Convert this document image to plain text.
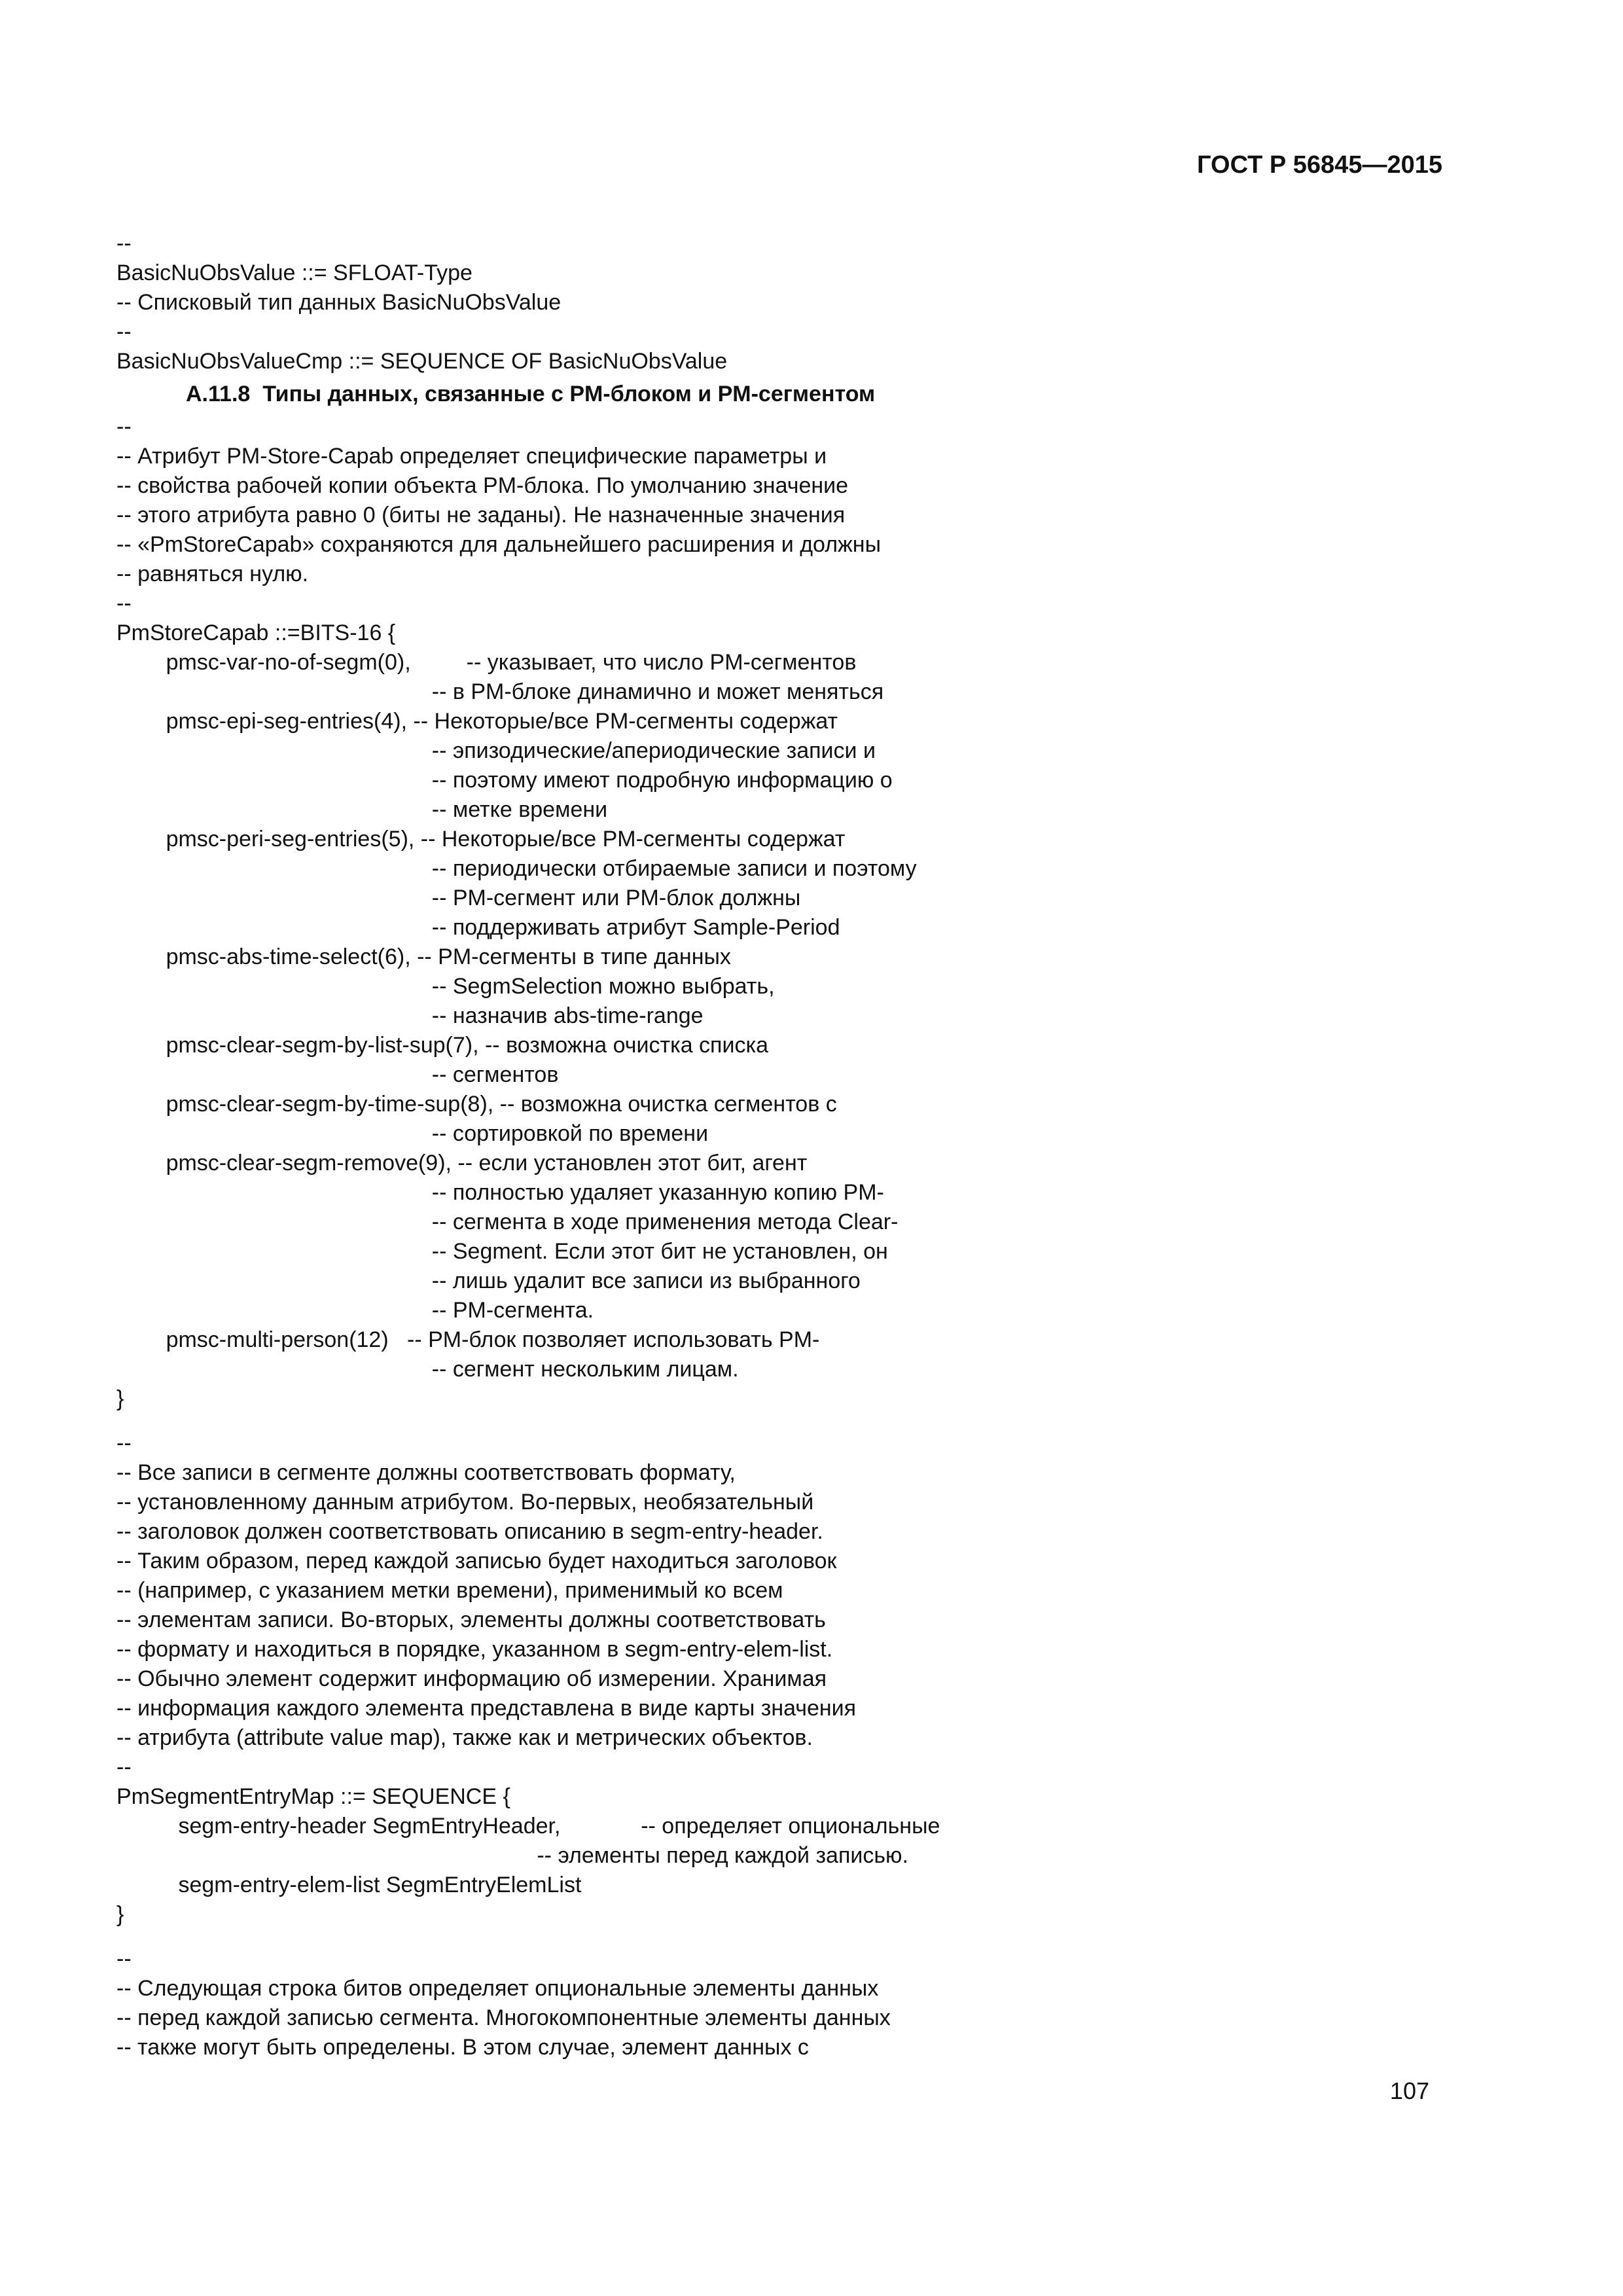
ГОСТ Р 56845—2015
--
BasicNuObsValue ::= SFLOAT-Type
-- Списковый тип данных BasicNuObsValue
--
BasicNuObsValueCmp ::= SEQUENCE OF BasicNuObsValue
A.11.8  Типы данных, связанные с PM-блоком и PM-сегментом
--
-- Атрибут PM-Store-Capab определяет специфические параметры и
-- свойства рабочей копии объекта PM-блока. По умолчанию значение
-- этого атрибута равно 0 (биты не заданы). Не назначенные значения
-- «PmStoreCapab» сохраняются для дальнейшего расширения и должны
-- равняться нулю.
--
PmStoreCapab ::=BITS-16 {
pmsc-var-no-of-segm(0),         -- указывает, что число PM-сегментов
-- в PM-блоке динамично и может меняться
pmsc-epi-seg-entries(4), -- Некоторые/все PM-сегменты содержат
-- эпизодические/апериодические записи и
-- поэтому имеют подробную информацию о
-- метке времени
pmsc-peri-seg-entries(5), -- Некоторые/все PM-сегменты содержат
-- периодически отбираемые записи и поэтому
-- PM-сегмент или PM-блок должны
-- поддерживать атрибут Sample-Period
pmsc-abs-time-select(6), -- PM-сегменты в типе данных
-- SegmSelection можно выбрать,
-- назначив abs-time-range
pmsc-clear-segm-by-list-sup(7), -- возможна очистка списка
-- сегментов
pmsc-clear-segm-by-time-sup(8), -- возможна очистка сегментов с
-- сортировкой по времени
pmsc-clear-segm-remove(9), -- если установлен этот бит, агент
-- полностью удаляет указанную копию PM-
-- сегмента в ходе применения метода Clear-
-- Segment. Если этот бит не установлен, он
-- лишь удалит все записи из выбранного
-- PM-сегмента.
pmsc-multi-person(12)   -- PM-блок позволяет использовать PM-
-- сегмент нескольким лицам.
}
--
-- Все записи в сегменте должны соответствовать формату,
-- установленному данным атрибутом. Во-первых, необязательный
-- заголовок должен соответствовать описанию в segm-entry-header.
-- Таким образом, перед каждой записью будет находиться заголовок
-- (например, с указанием метки времени), применимый ко всем
-- элементам записи. Во-вторых, элементы должны соответствовать
-- формату и находиться в порядке, указанном в segm-entry-elem-list.
-- Обычно элемент содержит информацию об измерении. Хранимая
-- информация каждого элемента представлена в виде карты значения
-- атрибута (attribute value map), также как и метрических объектов.
--
PmSegmentEntryMap ::= SEQUENCE {
segm-entry-header SegmEntryHeader,             -- определяет опциональные
-- элементы перед каждой записью.
segm-entry-elem-list SegmEntryElemList
}
--
-- Следующая строка битов определяет опциональные элементы данных
-- перед каждой записью сегмента. Многокомпонентные элементы данных
-- также могут быть определены. В этом случае, элемент данных с
107
